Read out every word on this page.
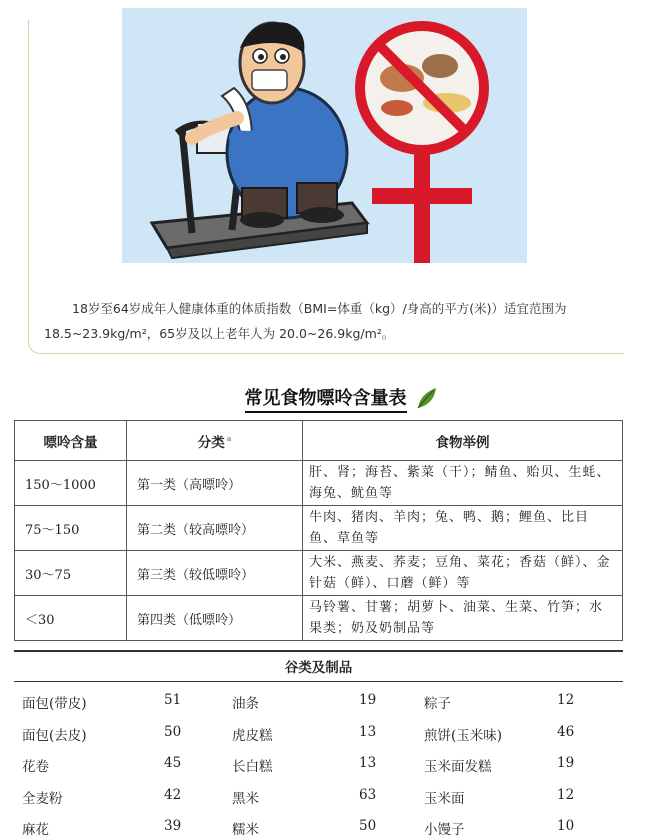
18岁至64岁成年人健康体重的体质指数（BMI=体重（kg）/身高的平方(米)）适宜范围为 18.5~23.9kg/m²，65岁及以上老年人为 20.0~26.9kg/m²。

常见食物嘌呤含量表
嘌呤含量	分类 $^a$	食物举例
150～1000	第一类（高嘌呤）	肝、肾；海苔、紫菜（干）；鲭鱼、贻贝、生蚝、海兔、鱿鱼等
75～150	第二类（较高嘌呤）	牛肉、猪肉、羊肉；兔、鸭、鹅；鲤鱼、比目鱼、草鱼等
30～75	第三类（较低嘌呤）	大米、燕麦、荞麦；豆角、菜花；香菇（鲜）、金针菇（鲜）、口蘑（鲜）等
＜30	第四类（低嘌呤）	马铃薯、甘薯；胡萝卜、油菜、生菜、竹笋；水果类；奶及奶制品等
谷类及制品
面包(带皮)	51	油条	19	粽子	12
面包(去皮)	50	虎皮糕	13	煎饼(玉米味)	46
花卷	45	长白糕	13	玉米面发糕	19
全麦粉	42	黑米	63	玉米面	12
麻花	39	糯米	50	小馒子	10
